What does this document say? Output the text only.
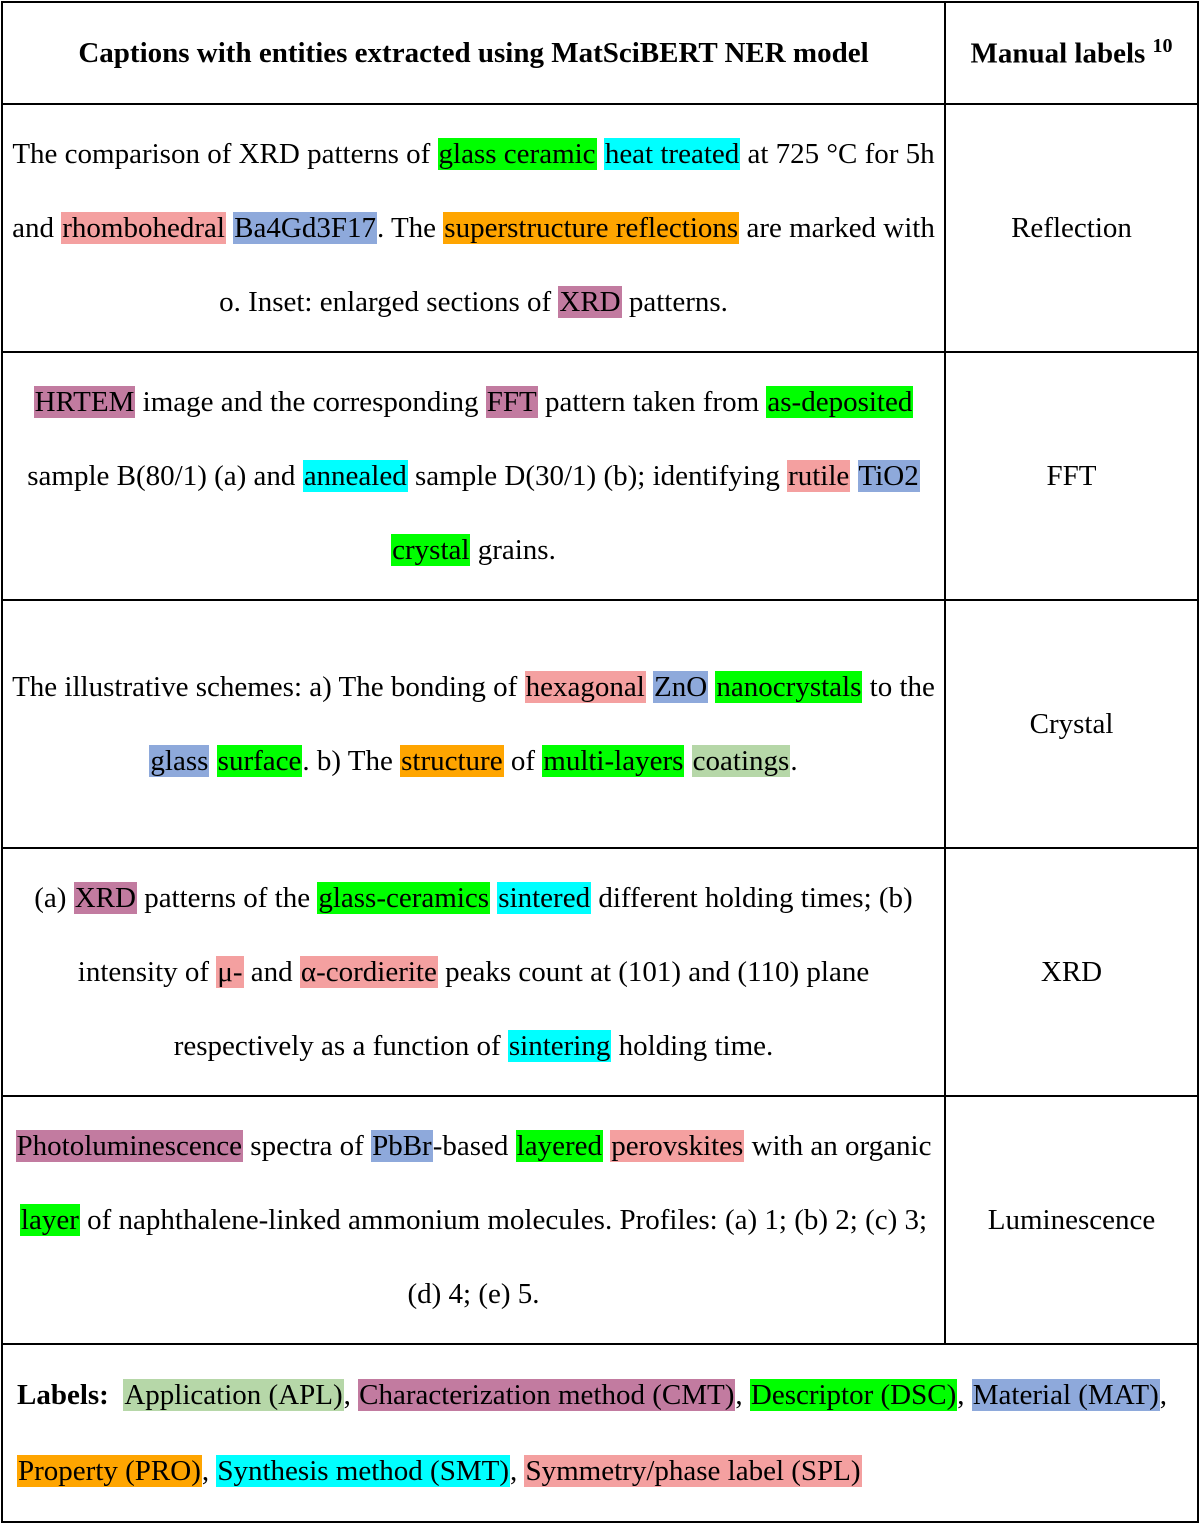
Captions with entities extracted using MatSciBERT NER model	Manual labels $^{10}$
The comparison of XRD patterns of glass ceramic heat treated at 725 °C for 5h and rhombohedral Ba4Gd3F17. The superstructure reflections are marked with o. Inset: enlarged sections of XRD patterns.	Reflection
HRTEM image and the corresponding FFT pattern taken from as-deposited sample B(80/1) (a) and annealed sample D(30/1) (b); identifying rutile TiO2 crystal grains.	FFT
The illustrative schemes: a) The bonding of hexagonal ZnO nanocrystals to the glass surface. b) The structure of multi-layers coatings.	Crystal
(a) XRD patterns of the glass-ceramics sintered different holding times; (b) intensity of μ- and α-cordierite peaks count at (101) and (110) plane respectively as a function of sintering holding time.	XRD
Photoluminescence spectra of PbBr-based layered perovskites with an organic layer of naphthalene-linked ammonium molecules. Profiles: (a) 1; (b) 2; (c) 3; (d) 4; (e) 5.	Luminescence
Labels: Application (APL), Characterization method (CMT), Descriptor (DSC), Material (MAT), Property (PRO), Synthesis method (SMT), Symmetry/phase label (SPL)	
